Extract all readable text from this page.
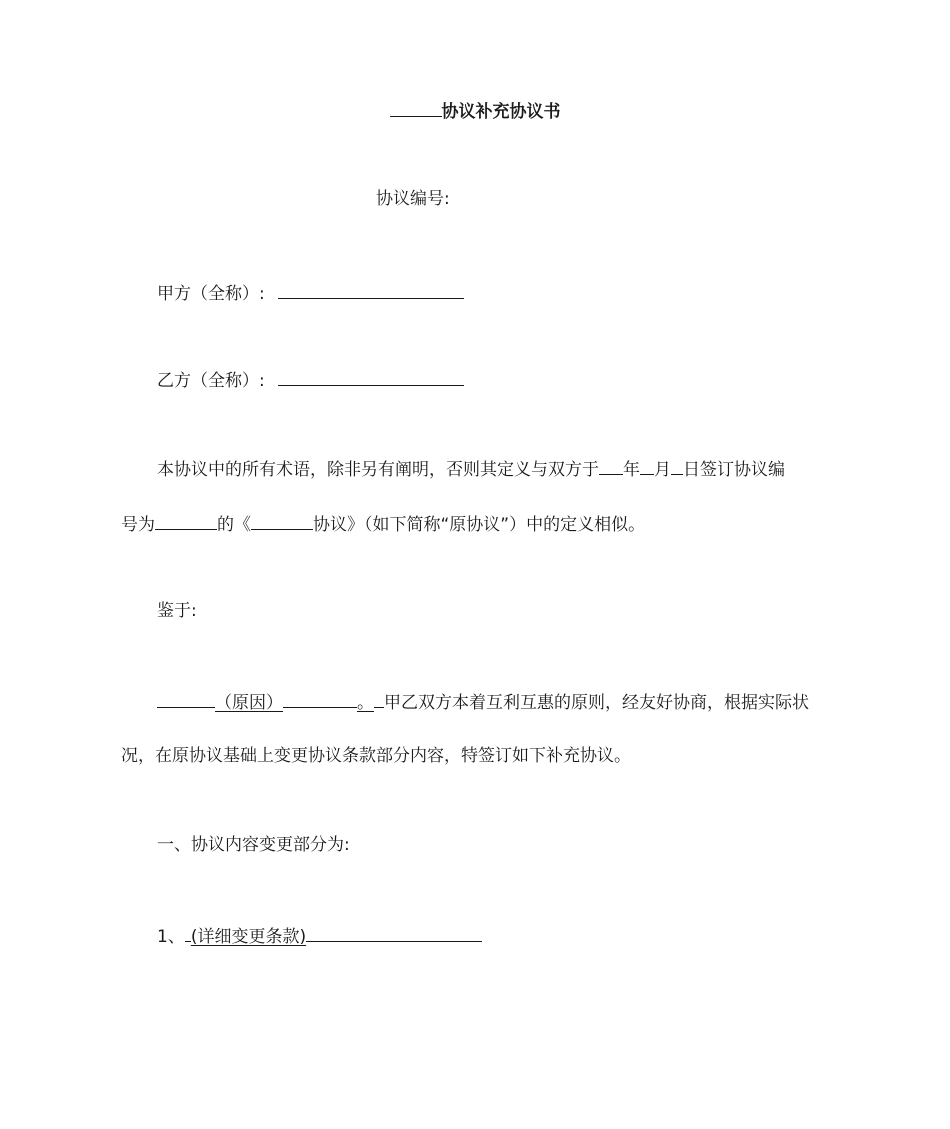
协议补充协议书
协议编号:
甲方（全称）:
乙方（全称）:
本协议中的所有术语，除非另有阐明，否则其定义与双方于 年 月 日签订协议编
号为	的《	协议》（如下简称“原协议”）中的定义相似。
鉴于:
（原因）	。 甲乙双方本着互利互惠的原则，经友好协商，根据实际状
况，在原协议基础上变更协议条款部分内容，特签订如下补充协议。
一、协议内容变更部分为:
1、 (详细变更条款)
